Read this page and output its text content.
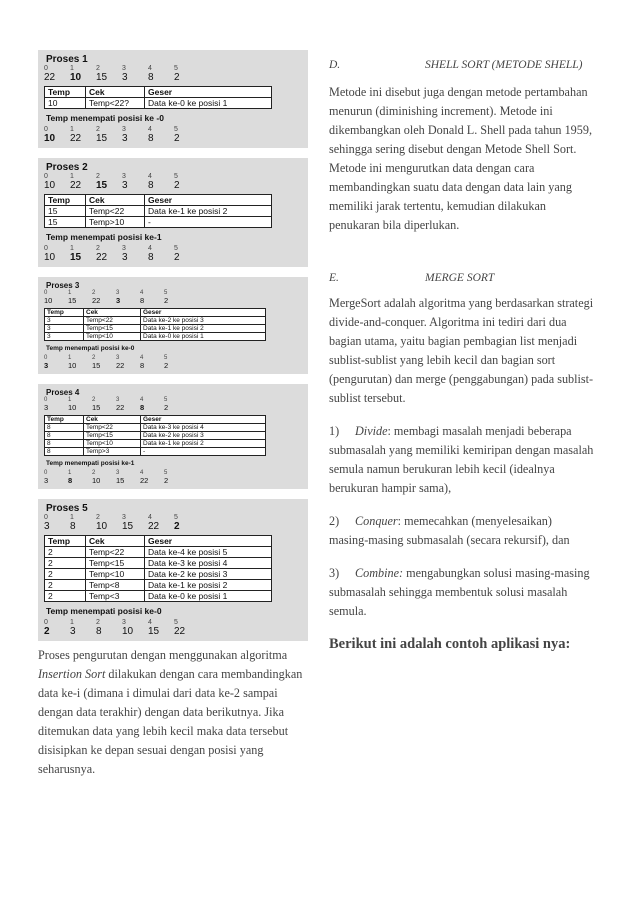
Proses 1
0	1	2	3	4	5
22	10	15	3	8	2
Temp	Cek	Geser
10	Temp<22?	Data ke-0 ke posisi 1
Temp menempati posisi ke -0
0	1	2	3	4	5
10	22	15	3	8	2
Proses 2
0	1	2	3	4	5
10	22	15	3	8	2
Temp	Cek	Geser
15	Temp<22	Data ke-1 ke posisi 2
15	Temp>10	-
Temp menempati posisi ke-1
0	1	2	3	4	5
10	15	22	3	8	2
Proses 3
0	1	2	3	4	5
10	15	22	3	8	2
Temp	Cek	Geser
3	Temp<22	Data ke-2 ke posisi 3
3	Temp<15	Data ke-1 ke posisi 2
3	Temp<10	Data ke-0 ke posisi 1
Temp menempati posisi ke-0
0	1	2	3	4	5
3	10	15	22	8	2
Proses 4
0	1	2	3	4	5
3	10	15	22	8	2
Temp	Cek	Geser
8	Temp<22	Data ke-3 ke posisi 4
8	Temp<15	Data ke-2 ke posisi 3
8	Temp<10	Data ke-1 ke posisi 2
8	Temp>3	-
Temp menempati posisi ke-1
0	1	2	3	4	5
3	8	10	15	22	2
Proses 5
0	1	2	3	4	5
3	8	10	15	22	2
Temp	Cek	Geser
2	Temp<22	Data ke-4 ke posisi 5
2	Temp<15	Data ke-3 ke posisi 4
2	Temp<10	Data ke-2 ke posisi 3
2	Temp<8	Data ke-1 ke posisi 2
2	Temp<3	Data ke-0 ke posisi 1
Temp menempati posisi ke-0
0	1	2	3	4	5
2	3	8	10	15	22
Proses pengurutan dengan menggunakan algoritma Insertion Sort dilakukan dengan cara membandingkan data ke-i (dimana i dimulai dari data ke-2 sampai dengan data terakhir) dengan data berikutnya. Jika ditemukan data yang lebih kecil maka data tersebut disisipkan ke depan sesuai dengan posisi yang seharusnya.
D.	SHELL SORT (METODE SHELL)
Metode ini disebut juga dengan metode pertambahan menurun (diminishing increment). Metode ini dikembangkan oleh Donald L. Shell pada tahun 1959, sehingga sering disebut dengan Metode Shell Sort. Metode ini mengurutkan data dengan cara membandingkan suatu data dengan data lain yang memiliki jarak tertentu, kemudian dilakukan penukaran bila diperlukan.
E.	MERGE SORT
MergeSort adalah algoritma yang berdasarkan strategi divide-and-conquer. Algoritma ini tediri dari dua bagian utama, yaitu bagian pembagian list menjadi sublist-sublist yang lebih kecil dan bagian sort (pengurutan) dan merge (penggabungan) pada sublist-sublist tersebut.
1) Divide: membagi masalah menjadi beberapa submasalah yang memiliki kemiripan dengan masalah semula namun berukuran lebih kecil (idealnya berukuran hampir sama),
2) Conquer: memecahkan (menyelesaikan) masing-masing submasalah (secara rekursif), dan
3) Combine: mengabungkan solusi masing-masing submasalah sehingga membentuk solusi masalah semula.
Berikut ini adalah contoh aplikasi nya:
